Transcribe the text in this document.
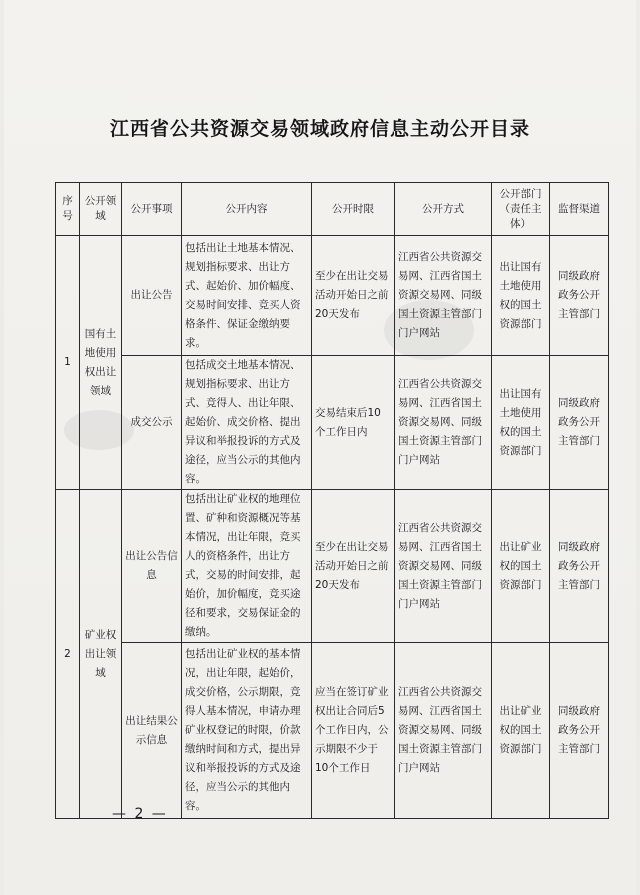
江西省公共资源交易领域政府信息主动公开目录
序号	公开领域	公开事项	公开内容	公开时限	公开方式	公开部门（责任主体）	监督渠道
1	国有土地使用权出让领域	出让公告	包括出让土地基本情况、规划指标要求、出让方式、起始价、加价幅度、交易时间安排、竞买人资格条件、保证金缴纳要求。	至少在出让交易活动开始日之前20天发布	江西省公共资源交易网、江西省国土资源交易网、同级国土资源主管部门门户网站	出让国有土地使用权的国土资源部门	同级政府政务公开主管部门
		成交公示	包括成交土地基本情况、规划指标要求、出让方式、竞得人、出让年限、起始价、成交价格、提出异议和举报投诉的方式及途径，应当公示的其他内容。	交易结束后10个工作日内	江西省公共资源交易网、江西省国土资源交易网、同级国土资源主管部门门户网站	出让国有土地使用权的国土资源部门	同级政府政务公开主管部门
2	矿业权出让领域	出让公告信息	包括出让矿业权的地理位置、矿种和资源概况等基本情况，出让年限，竞买人的资格条件，出让方式，交易的时间安排，起始价，加价幅度，竞买途径和要求，交易保证金的缴纳。	至少在出让交易活动开始日之前20天发布	江西省公共资源交易网、江西省国土资源交易网、同级国土资源主管部门门户网站	出让矿业权的国土资源部门	同级政府政务公开主管部门
		出让结果公示信息	包括出让矿业权的基本情况，出让年限，起始价，成交价格，公示期限，竞得人基本情况，申请办理矿业权登记的时限，价款缴纳时间和方式，提出异议和举报投诉的方式及途径，应当公示的其他内容。	应当在签订矿业权出让合同后5个工作日内，公示期限不少于10个工作日	江西省公共资源交易网、江西省国土资源交易网、同级国土资源主管部门门户网站	出让矿业权的国土资源部门	同级政府政务公开主管部门
— 2 —
